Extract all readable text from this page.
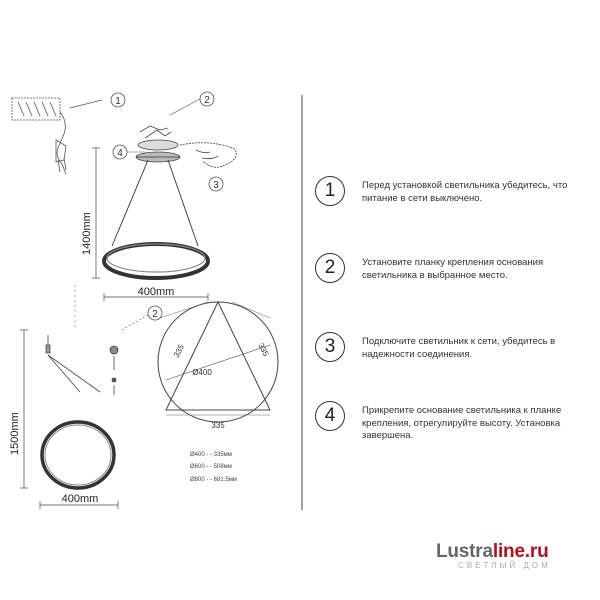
1	2
4
3
1400mm
400mm
1500mm
400mm
2
335	335
335
Ø400
Ø400 - - 335мм
Ø600 - - 508мм
Ø800 - - 681.5мм
1	Перед установкой светильника убедитесь, что питание в сети выключено.
2	Установите планку крепления основания светильника в выбранное место.
3	Подключите светильник к сети, убедитесь в надежности соединения.
4	Прикрепите основание светильника к планке крепления, отрегулируйте высоту. Установка завершена.
Lustraline.ru
СВЕТЛЫЙ ДОМ
